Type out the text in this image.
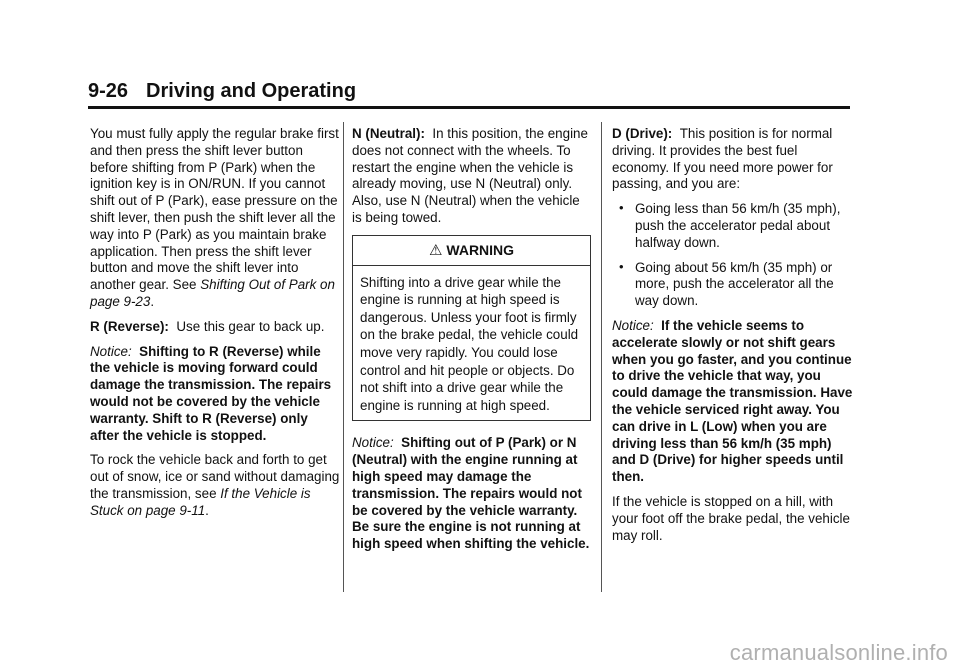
9-26 Driving and Operating

You must fully apply the regular brake first and then press the shift lever button before shifting from P (Park) when the ignition key is in ON/RUN. If you cannot shift out of P (Park), ease pressure on the shift lever, then push the shift lever all the way into P (Park) as you maintain brake application. Then press the shift lever button and move the shift lever into another gear. See Shifting Out of Park on page 9-23.

R (Reverse): Use this gear to back up.

Notice: Shifting to R (Reverse) while the vehicle is moving forward could damage the transmission. The repairs would not be covered by the vehicle warranty. Shift to R (Reverse) only after the vehicle is stopped.

To rock the vehicle back and forth to get out of snow, ice or sand without damaging the transmission, see If the Vehicle is Stuck on page 9-11.

N (Neutral): In this position, the engine does not connect with the wheels. To restart the engine when the vehicle is already moving, use N (Neutral) only. Also, use N (Neutral) when the vehicle is being towed.

⚠ WARNING
Shifting into a drive gear while the engine is running at high speed is dangerous. Unless your foot is firmly on the brake pedal, the vehicle could move very rapidly. You could lose control and hit people or objects. Do not shift into a drive gear while the engine is running at high speed.

Notice: Shifting out of P (Park) or N (Neutral) with the engine running at high speed may damage the transmission. The repairs would not be covered by the vehicle warranty. Be sure the engine is not running at high speed when shifting the vehicle.

D (Drive): This position is for normal driving. It provides the best fuel economy. If you need more power for passing, and you are:

• Going less than 56 km/h (35 mph), push the accelerator pedal about halfway down.
• Going about 56 km/h (35 mph) or more, push the accelerator all the way down.

Notice: If the vehicle seems to accelerate slowly or not shift gears when you go faster, and you continue to drive the vehicle that way, you could damage the transmission. Have the vehicle serviced right away. You can drive in L (Low) when you are driving less than 56 km/h (35 mph) and D (Drive) for higher speeds until then.

If the vehicle is stopped on a hill, with your foot off the brake pedal, the vehicle may roll.

carmanualsonline.info
